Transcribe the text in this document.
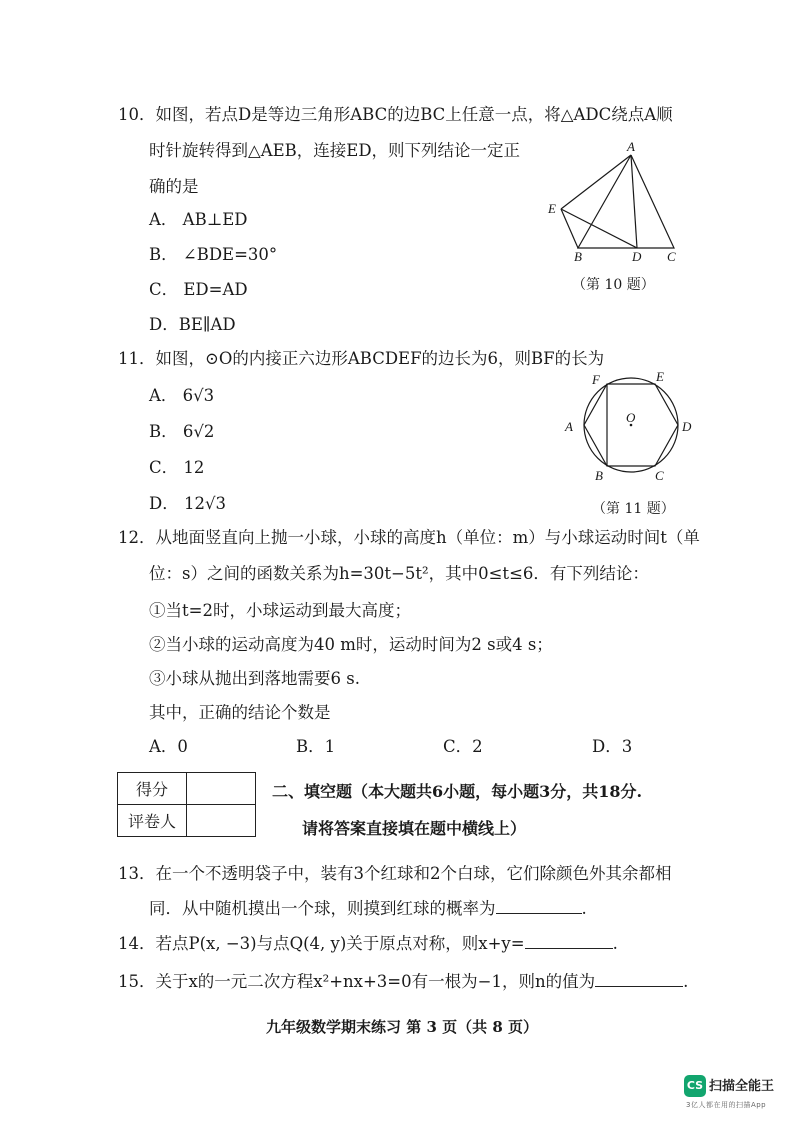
10．如图，若点D是等边三角形ABC的边BC上任意一点，将△ADC绕点A顺
时针旋转得到△AEB，连接ED，则下列结论一定正
确的是
A． AB⊥ED
B． ∠BDE=30°
C． ED=AD
D．BE∥AD
A
E
B	D C
（第 10 题）
11．如图，⊙O的内接正六边形ABCDEF的边长为6，则BF的长为
A． 6√3
B． 6√2
C． 12
D． 12√3
F	E
A
O
D
B	C
（第 11 题）
12．从地面竖直向上抛一小球，小球的高度h（单位：m）与小球运动时间t（单
位：s）之间的函数关系为h=30t−5t²，其中0≤t≤6．有下列结论：
①当t=2时，小球运动到最大高度；
②当小球的运动高度为40 m时，运动时间为2 s或4 s；
③小球从抛出到落地需要6 s.
其中，正确的结论个数是
A．0	B．1	C．2	D．3
得分	
评卷人	
二、填空题（本大题共6小题，每小题3分，共18分.
请将答案直接填在题中横线上）
13．在一个不透明袋子中，装有3个红球和2个白球，它们除颜色外其余都相
同．从中随机摸出一个球，则摸到红球的概率为	.
14．若点P(x, −3)与点Q(4, y)关于原点对称，则x+y=	.
15．关于x的一元二次方程x²+nx+3=0有一根为−1，则n的值为	.
九年级数学期末练习 第 3 页（共 8 页）
CS 扫描全能王
3亿人都在用的扫描App
